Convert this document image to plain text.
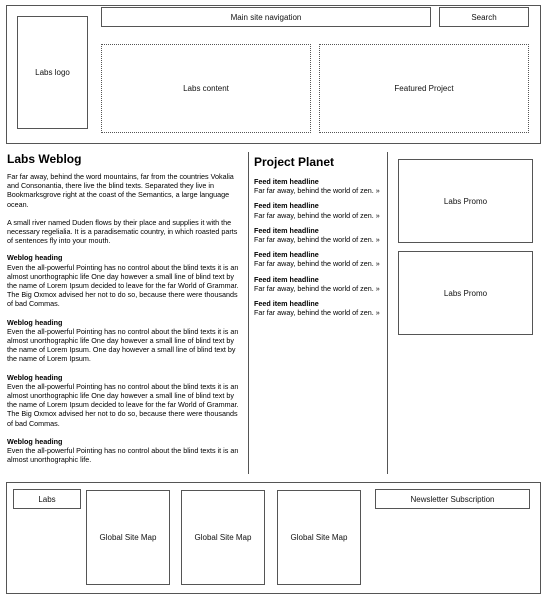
Labs logo
Main site navigation	Search
Labs content	Featured Project
Labs Weblog

Far far away, behind the word mountains, far from the countries Vokalia and Consonantia, there live the blind texts. Separated they live in Bookmarksgrove right at the coast of the Semantics, a large language ocean.

A small river named Duden flows by their place and supplies it with the necessary regelialia. It is a paradisematic country, in which roasted parts of sentences fly into your mouth.

Weblog heading

Even the all-powerful Pointing has no control about the blind texts it is an almost unorthographic life One day however a small line of blind text by the name of Lorem Ipsum decided to leave for the far World of Grammar. The Big Oxmox advised her not to do so, because there were thousands of bad Commas.

Weblog heading

Even the all-powerful Pointing has no control about the blind texts it is an almost unorthographic life One day however a small line of blind text by the name of Lorem Ipsum. One day however a small line of blind text by the name of Lorem Ipsum.

Weblog heading

Even the all-powerful Pointing has no control about the blind texts it is an almost unorthographic life One day however a small line of blind text by the name of Lorem Ipsum decided to leave for the far World of Grammar. The Big Oxmox advised her not to do so, because there were thousands of bad Commas.

Weblog heading

Even the all-powerful Pointing has no control about the blind texts it is an almost unorthographic life.

Project Planet
Feed item headline

Far far away, behind the world of zen. »

Feed item headline

Far far away, behind the world of zen. »

Feed item headline

Far far away, behind the world of zen. »

Feed item headline

Far far away, behind the world of zen. »

Feed item headline

Far far away, behind the world of zen. »

Feed item headline

Far far away, behind the world of zen. »

Labs Promo
Labs Promo
Labs
Global Site Map	Global Site Map	Global Site Map
Newsletter Subscription
